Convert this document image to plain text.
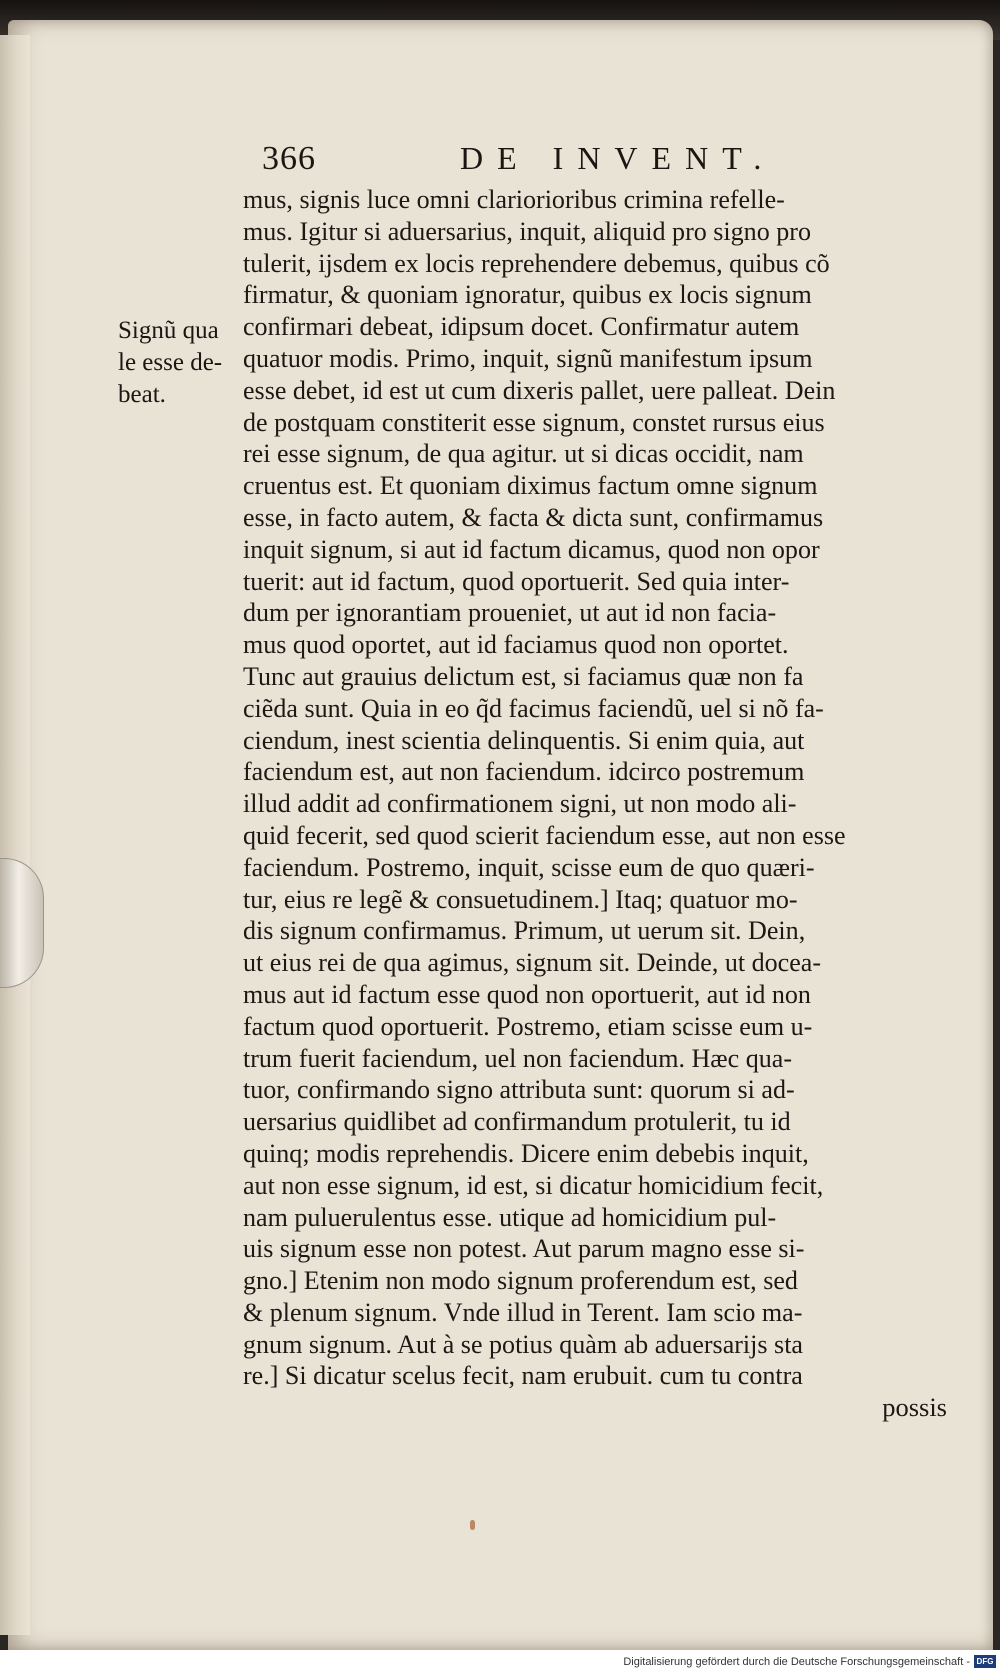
366	DE INVENT.
Signũ qua
le esse de-
beat.
mus, signis luce omni clariorioribus crimina refelle-
mus. Igitur si aduersarius, inquit, aliquid pro signo pro
tulerit, ijsdem ex locis reprehendere debemus, quibus cõ
firmatur, & quoniam ignoratur, quibus ex locis signum
confirmari debeat, idipsum docet. Confirmatur autem
quatuor modis. Primo, inquit, signũ manifestum ipsum
esse debet, id est ut cum dixeris pallet, uere palleat. Dein
de postquam constiterit esse signum, constet rursus eius
rei esse signum, de qua agitur. ut si dicas occidit, nam
cruentus est. Et quoniam diximus factum omne signum
esse, in facto autem, & facta & dicta sunt, confirmamus
inquit signum, si aut id factum dicamus, quod non opor
tuerit: aut id factum, quod oportuerit. Sed quia inter-
dum per ignorantiam proueniet, ut aut id non facia-
mus quod oportet, aut id faciamus quod non oportet.
Tunc aut grauius delictum est, si faciamus quæ non fa
ciẽda sunt. Quia in eo q̃d facimus faciendũ, uel si nõ fa-
ciendum, inest scientia delinquentis. Si enim quia, aut
faciendum est, aut non faciendum. idcirco postremum
illud addit ad confirmationem signi, ut non modo ali-
quid fecerit, sed quod scierit faciendum esse, aut non esse
faciendum. Postremo, inquit, scisse eum de quo quæri-
tur, eius re legẽ & consuetudinem.] Itaq; quatuor mo-
dis signum confirmamus. Primum, ut uerum sit. Dein,
ut eius rei de qua agimus, signum sit. Deinde, ut docea-
mus aut id factum esse quod non oportuerit, aut id non
factum quod oportuerit. Postremo, etiam scisse eum u-
trum fuerit faciendum, uel non faciendum. Hæc qua-
tuor, confirmando signo attributa sunt: quorum si ad-
uersarius quidlibet ad confirmandum protulerit, tu id
quinq; modis reprehendis. Dicere enim debebis inquit,
aut non esse signum, id est, si dicatur homicidium fecit,
nam puluerulentus esse. utique ad homicidium pul-
uis signum esse non potest. Aut parum magno esse si-
gno.] Etenim non modo signum proferendum est, sed
& plenum signum. Vnde illud in Terent. Iam scio ma-
gnum signum. Aut à se potius quàm ab aduersarijs sta
re.] Si dicatur scelus fecit, nam erubuit. cum tu contra
possis
Digitalisierung gefördert durch die Deutsche Forschungsgemeinschaft - DFG
